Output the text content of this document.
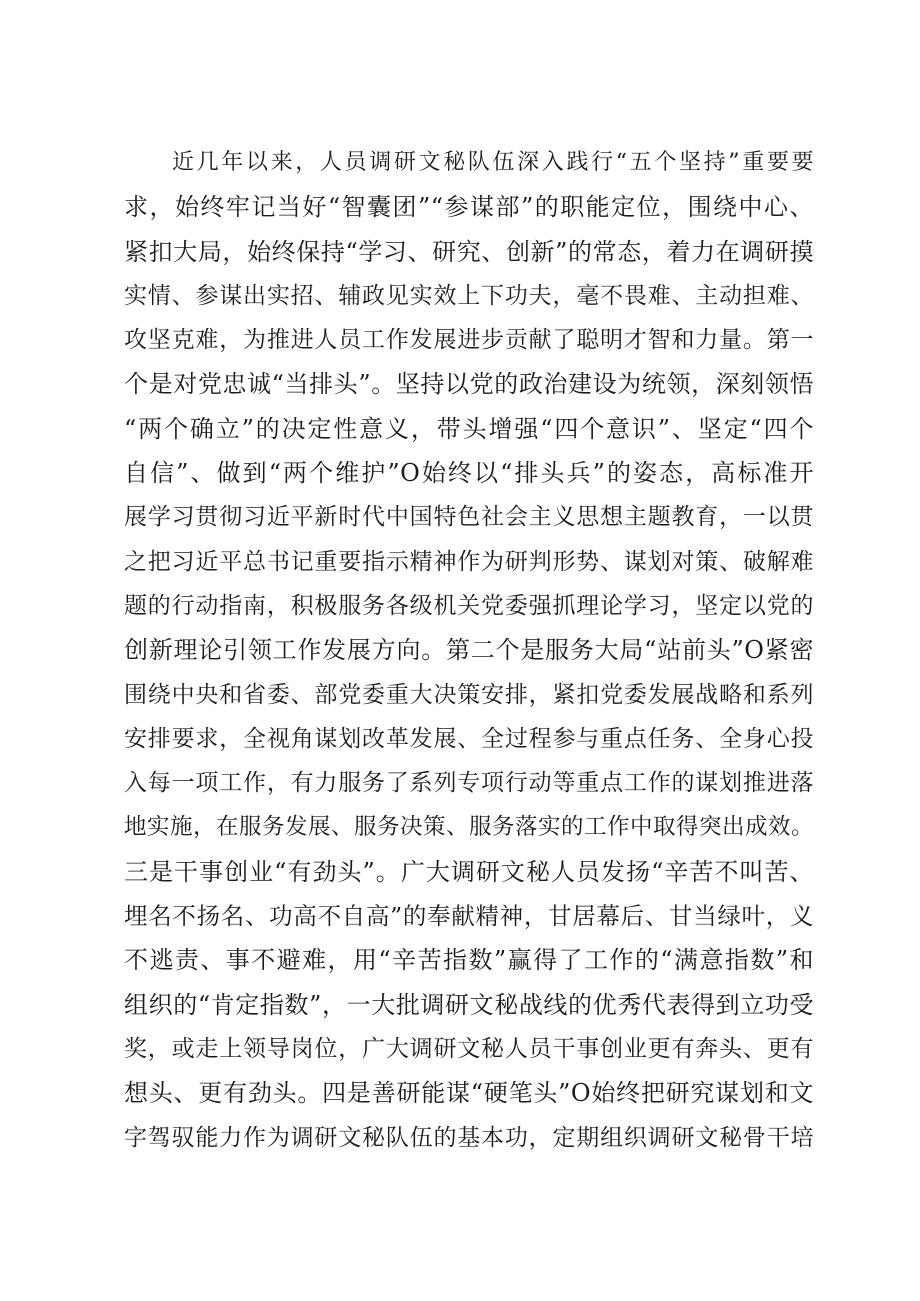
近几年以来，人员调研文秘队伍深入践行“五个坚持”重要要
求，始终牢记当好“智囊团”“参谋部”的职能定位，围绕中心、
紧扣大局，始终保持“学习、研究、创新”的常态，着力在调研摸
实情、参谋出实招、辅政见实效上下功夫，毫不畏难、主动担难、
攻坚克难，为推进人员工作发展进步贡献了聪明才智和力量。第一
个是对党忠诚“当排头”。坚持以党的政治建设为统领，深刻领悟
“两个确立”的决定性意义，带头增强“四个意识”、坚定“四个
自信”、做到“两个维护”O始终以“排头兵”的姿态，高标准开
展学习贯彻习近平新时代中国特色社会主义思想主题教育，一以贯
之把习近平总书记重要指示精神作为研判形势、谋划对策、破解难
题的行动指南，积极服务各级机关党委强抓理论学习，坚定以党的
创新理论引领工作发展方向。第二个是服务大局“站前头”O紧密
围绕中央和省委、部党委重大决策安排，紧扣党委发展战略和系列
安排要求，全视角谋划改革发展、全过程参与重点任务、全身心投
入每一项工作，有力服务了系列专项行动等重点工作的谋划推进落
地实施，在服务发展、服务决策、服务落实的工作中取得突出成效。
三是干事创业“有劲头”。广大调研文秘人员发扬“辛苦不叫苦、
埋名不扬名、功高不自高”的奉献精神，甘居幕后、甘当绿叶，义
不逃责、事不避难，用“辛苦指数”赢得了工作的“满意指数”和
组织的“肯定指数”，一大批调研文秘战线的优秀代表得到立功受
奖，或走上领导岗位，广大调研文秘人员干事创业更有奔头、更有
想头、更有劲头。四是善研能谋“硬笔头”O始终把研究谋划和文
字驾驭能力作为调研文秘队伍的基本功，定期组织调研文秘骨干培
